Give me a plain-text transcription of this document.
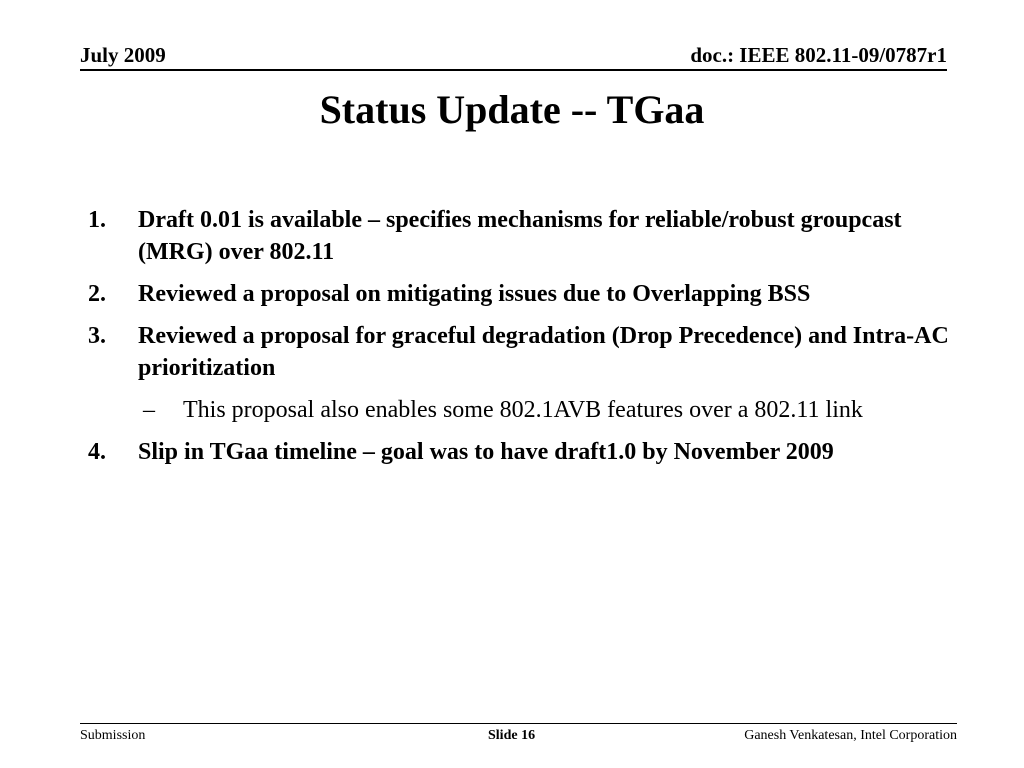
July 2009	doc.: IEEE 802.11-09/0787r1
Status Update -- TGaa
1. Draft 0.01 is available – specifies mechanisms for reliable/robust groupcast (MRG) over 802.11
2. Reviewed a proposal on mitigating issues due to Overlapping BSS
3. Reviewed a proposal for graceful degradation (Drop Precedence) and Intra-AC prioritization
– This proposal also enables some 802.1AVB features over a 802.11 link
4. Slip in TGaa timeline – goal was to have draft1.0 by November 2009
Submission	Slide 16	Ganesh Venkatesan, Intel Corporation
